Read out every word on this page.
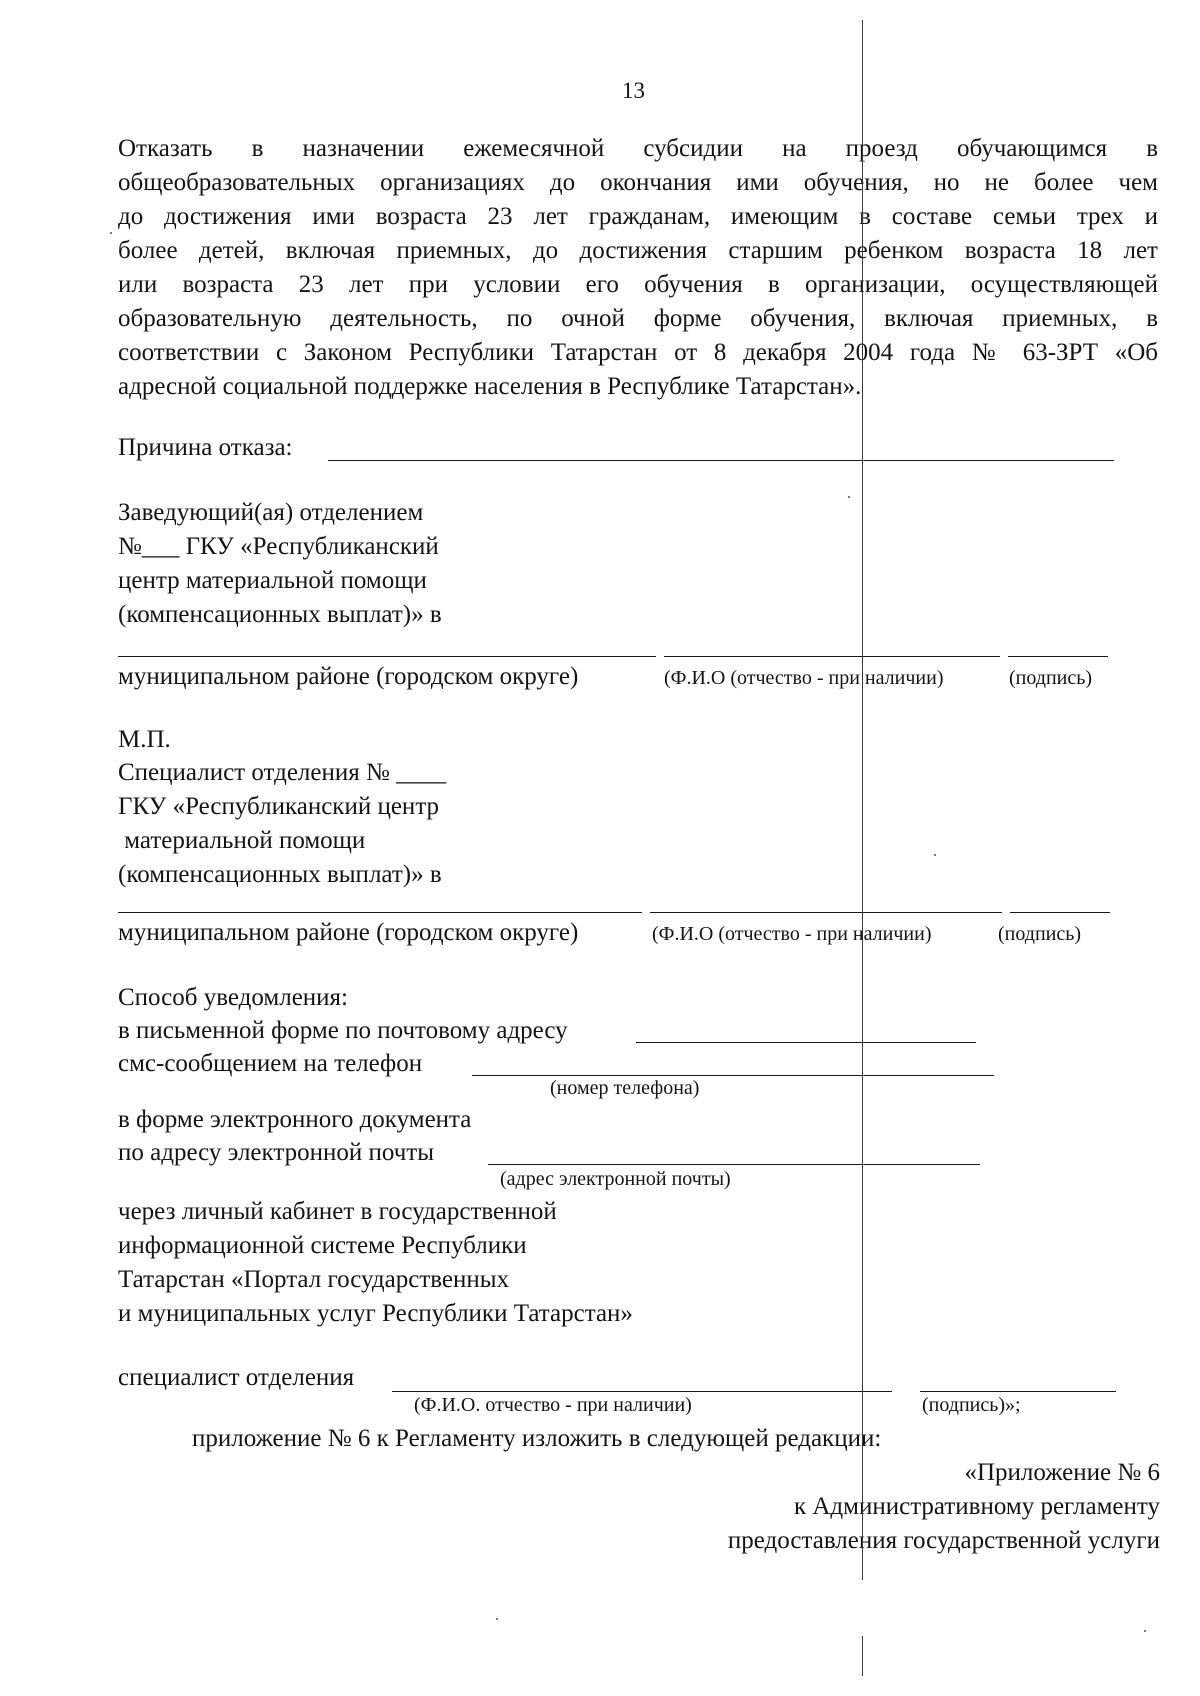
13
Отказать в назначении ежемесячной субсидии на проезд обучающимся в
общеобразовательных организациях до окончания ими обучения, но не более чем
до достижения ими возраста 23 лет гражданам, имеющим в составе семьи трех и
более детей, включая приемных, до достижения старшим ребенком возраста 18 лет
или возраста 23 лет при условии его обучения в организации, осуществляющей
образовательную деятельность, по очной форме обучения, включая приемных, в
соответствии с Законом Республики Татарстан от 8 декабря 2004 года № 63-ЗРТ «Об
адресной социальной поддержке населения в Республике Татарстан».
Причина отказа:
Заведующий(ая) отделением
№___ ГКУ «Республиканский
центр материальной помощи
(компенсационных выплат)» в
муниципальном районе (городском округе)	(Ф.И.О (отчество - при наличии)	(подпись)
М.П.
Специалист отделения № ____
ГКУ «Республиканский центр
материальной помощи
(компенсационных выплат)» в
муниципальном районе (городском округе)	(Ф.И.О (отчество - при наличии)	(подпись)
Способ уведомления:
в письменной форме по почтовому адресу
смс-сообщением на телефон
(номер телефона)
в форме электронного документа
по адресу электронной почты
(адрес электронной почты)
через личный кабинет в государственной
информационной системе Республики
Татарстан «Портал государственных
и муниципальных услуг Республики Татарстан»
специалист отделения
(Ф.И.О. отчество - при наличии)	(подпись)»;
приложение № 6 к Регламенту изложить в следующей редакции:
«Приложение № 6
к Административному регламенту
предоставления государственной услуги
